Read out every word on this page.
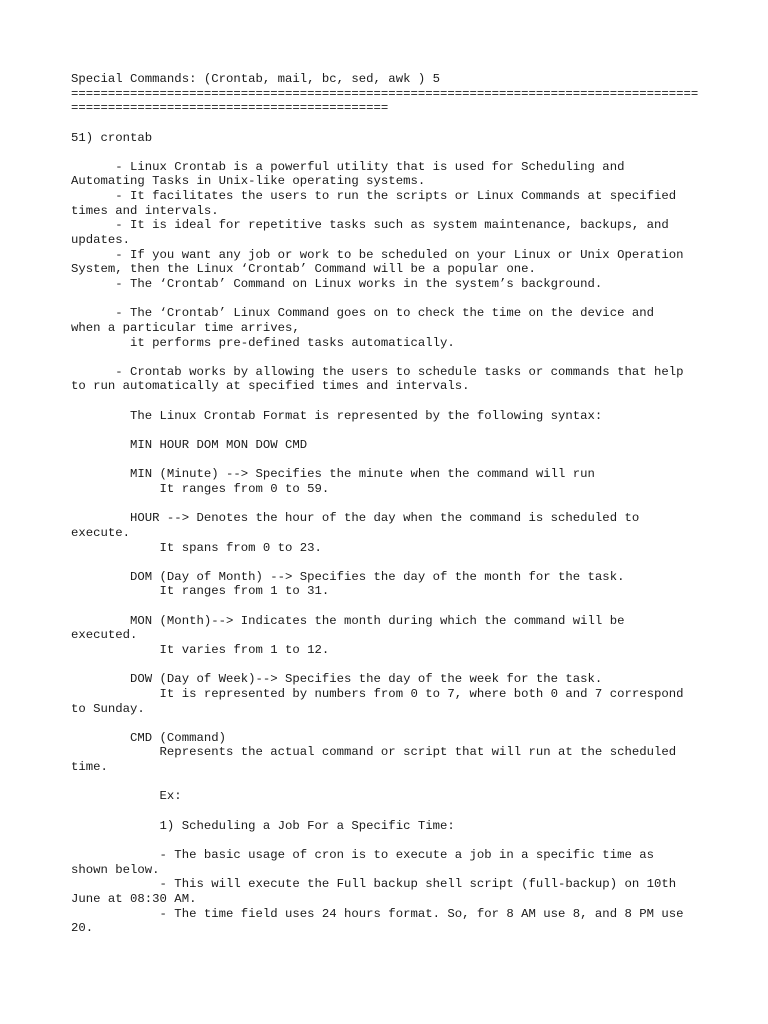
Special Commands: (Crontab, mail, bc, sed, awk ) 5
=====================================================================================
===========================================
51) crontab
- Linux Crontab is a powerful utility that is used for Scheduling and
Automating Tasks in Unix-like operating systems.
- It facilitates the users to run the scripts or Linux Commands at specified
times and intervals.
- It is ideal for repetitive tasks such as system maintenance, backups, and
updates.
- If you want any job or work to be scheduled on your Linux or Unix Operation
System, then the Linux ‘Crontab’ Command will be a popular one.
- The ‘Crontab’ Command on Linux works in the system’s background.
- The ‘Crontab’ Linux Command goes on to check the time on the device and
when a particular time arrives,
it performs pre-defined tasks automatically.
- Crontab works by allowing the users to schedule tasks or commands that help
to run automatically at specified times and intervals.
The Linux Crontab Format is represented by the following syntax:
MIN HOUR DOM MON DOW CMD
MIN (Minute) --> Specifies the minute when the command will run
It ranges from 0 to 59.
HOUR --> Denotes the hour of the day when the command is scheduled to
execute.
It spans from 0 to 23.
DOM (Day of Month) --> Specifies the day of the month for the task.
It ranges from 1 to 31.
MON (Month)--> Indicates the month during which the command will be
executed.
It varies from 1 to 12.
DOW (Day of Week)--> Specifies the day of the week for the task.
It is represented by numbers from 0 to 7, where both 0 and 7 correspond
to Sunday.
CMD (Command)
Represents the actual command or script that will run at the scheduled
time.
Ex:
1) Scheduling a Job For a Specific Time:
- The basic usage of cron is to execute a job in a specific time as
shown below.
- This will execute the Full backup shell script (full-backup) on 10th
June at 08:30 AM.
- The time field uses 24 hours format. So, for 8 AM use 8, and 8 PM use
20.
